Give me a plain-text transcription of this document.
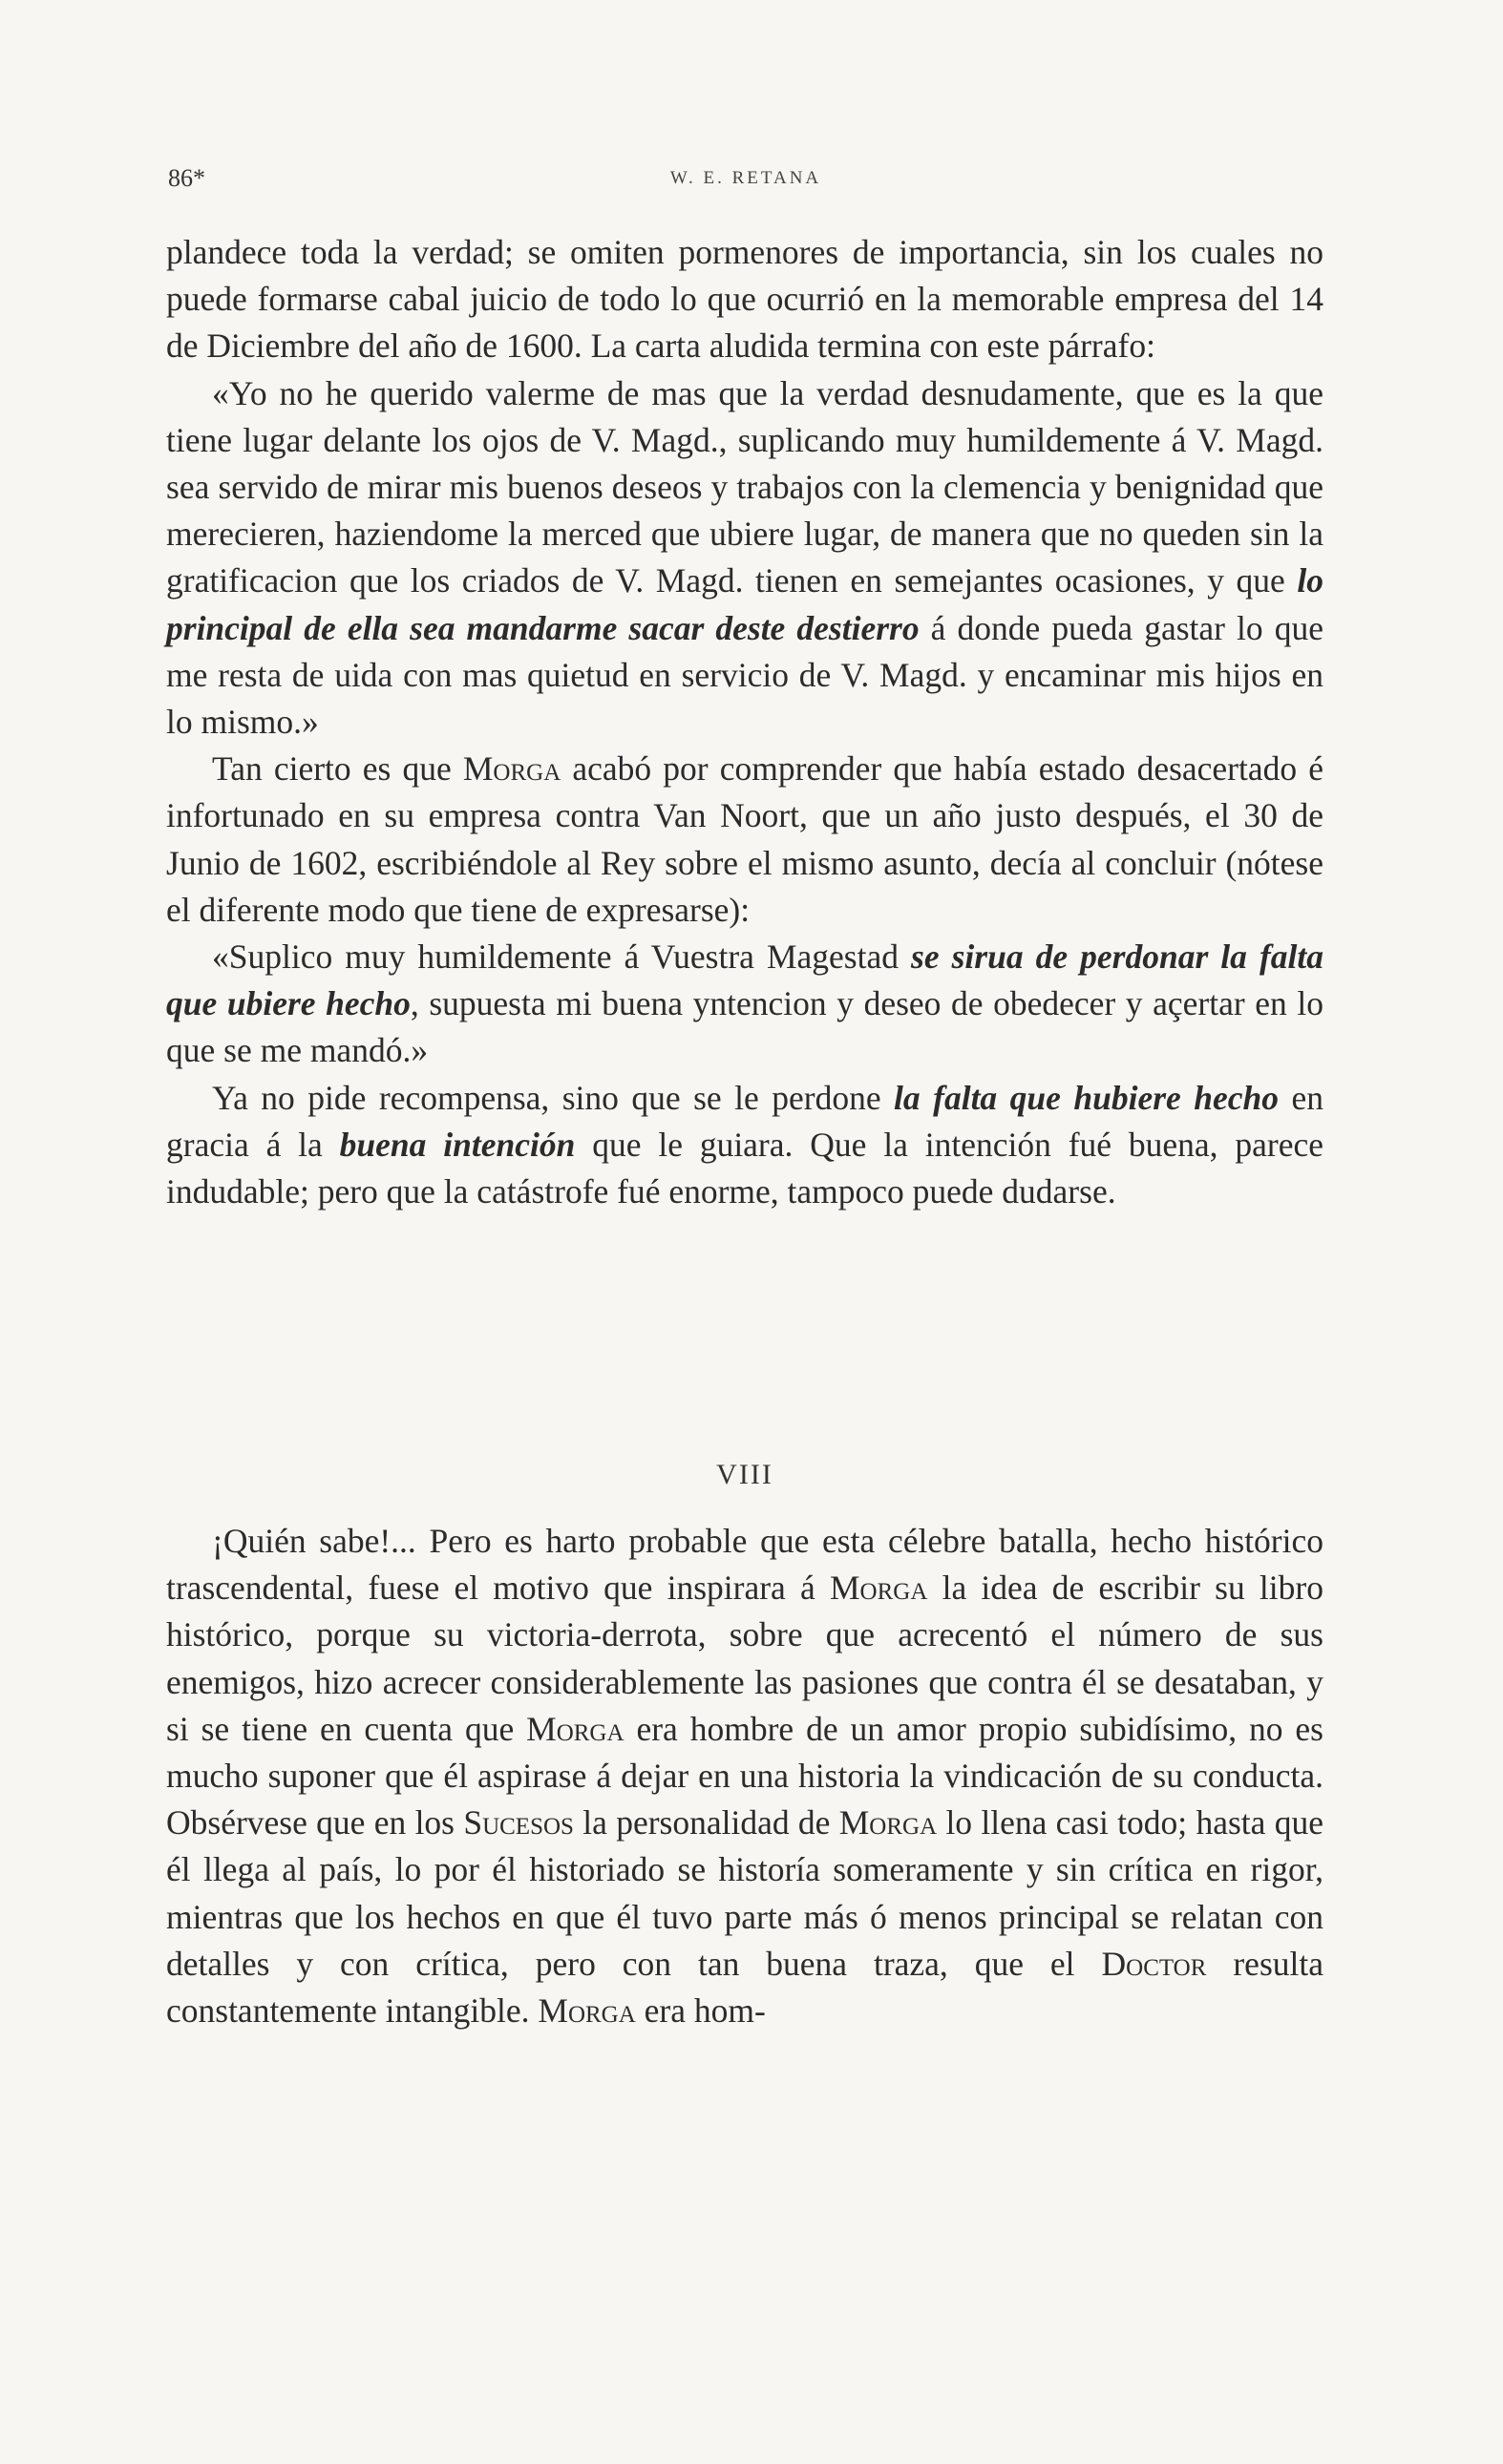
86*	W. E. RETANA

plandece toda la verdad; se omiten pormenores de importancia, sin los cuales no puede formarse cabal juicio de todo lo que ocurrió en la memorable empresa del 14 de Diciembre del año de 1600. La carta aludida termina con este párrafo:

«Yo no he querido valerme de mas que la verdad desnudamente, que es la que tiene lugar delante los ojos de V. Magd., suplicando muy humildemente á V. Magd. sea servido de mirar mis buenos deseos y trabajos con la clemencia y benignidad que merecieren, haziendome la merced que ubiere lugar, de manera que no queden sin la gratificacion que los criados de V. Magd. tienen en semejantes ocasiones, y que lo principal de ella sea mandarme sacar deste destierro á donde pueda gastar lo que me resta de uida con mas quietud en servicio de V. Magd. y encaminar mis hijos en lo mismo.»

Tan cierto es que Morga acabó por comprender que había estado desacertado é infortunado en su empresa contra Van Noort, que un año justo después, el 30 de Junio de 1602, escribiéndole al Rey sobre el mismo asunto, decía al concluir (nótese el diferente modo que tiene de expresarse):

«Suplico muy humildemente á Vuestra Magestad se sirua de perdonar la falta que ubiere hecho, supuesta mi buena yntencion y deseo de obedecer y açertar en lo que se me mandó.»

Ya no pide recompensa, sino que se le perdone la falta que hubiere hecho en gracia á la buena intención que le guiara. Que la intención fué buena, parece indudable; pero que la catástrofe fué enorme, tampoco puede dudarse.

VIII

¡Quién sabe!... Pero es harto probable que esta célebre batalla, hecho histórico trascendental, fuese el motivo que inspirara á Morga la idea de escribir su libro histórico, porque su victoria-derrota, sobre que acrecentó el número de sus enemigos, hizo acrecer considerablemente las pasiones que contra él se desataban, y si se tiene en cuenta que Morga era hombre de un amor propio subidísimo, no es mucho suponer que él aspirase á dejar en una historia la vindicación de su conducta. Obsérvese que en los Sucesos la personalidad de Morga lo llena casi todo; hasta que él llega al país, lo por él historiado se historía someramente y sin crítica en rigor, mientras que los hechos en que él tuvo parte más ó menos principal se relatan con detalles y con crítica, pero con tan buena traza, que el Doctor resulta constantemente intangible. Morga era hom-
